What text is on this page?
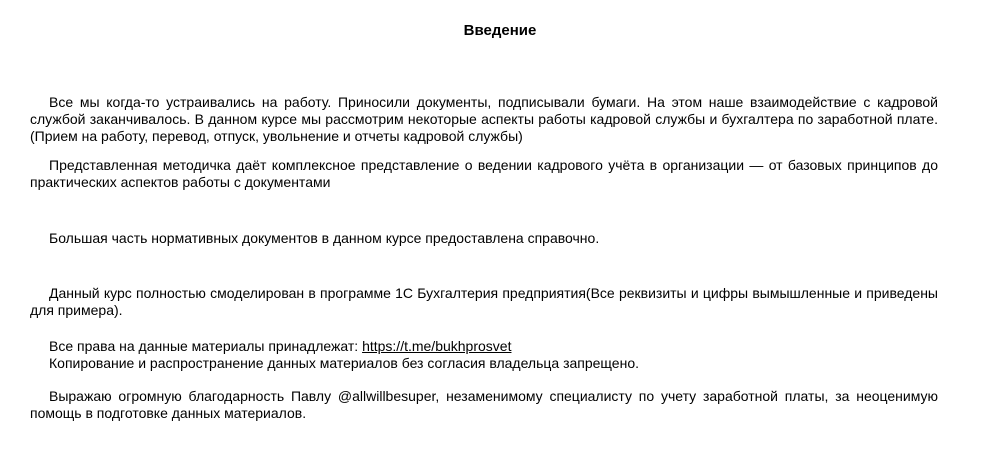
Введение

Все мы когда-то устраивались на работу. Приносили документы, подписывали бумаги. На этом наше взаимодействие с кадровой службой заканчивалось. В данном курсе мы рассмотрим некоторые аспекты работы кадровой службы и бухгалтера по заработной плате. (Прием на работу, перевод, отпуск, увольнение и отчеты кадровой службы)

Представленная методичка даёт комплексное представление о ведении кадрового учёта в организации — от базовых принципов до практических аспектов работы с документами

Большая часть нормативных документов в данном курсе предоставлена справочно.

Данный курс полностью смоделирован в программе 1С Бухгалтерия предприятия(Все реквизиты и цифры вымышленные и приведены для примера).

Все права на данные материалы принадлежат: https://t.me/bukhprosvet
Копирование и распространение данных материалов без согласия владельца запрещено.

Выражаю огромную благодарность Павлу @allwillbesuper, незаменимому специалисту по учету заработной платы, за неоценимую помощь в подготовке данных материалов.
